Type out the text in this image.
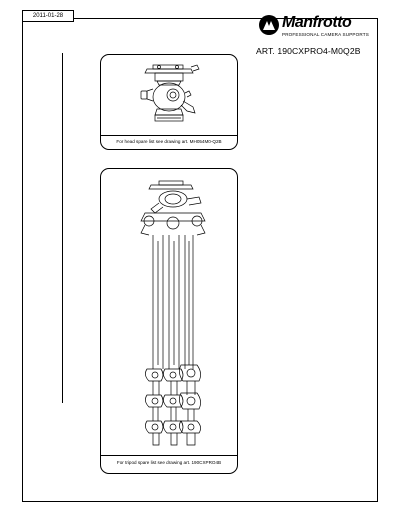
2011-01-28	Manfrotto
PROFESSIONAL CAMERA SUPPORTS
ART. 190CXPRO4-M0Q2B
For head spare list see drawing art. MH054M0-Q2B
For tripod spare list see drawing art. 190CXPRO4B
